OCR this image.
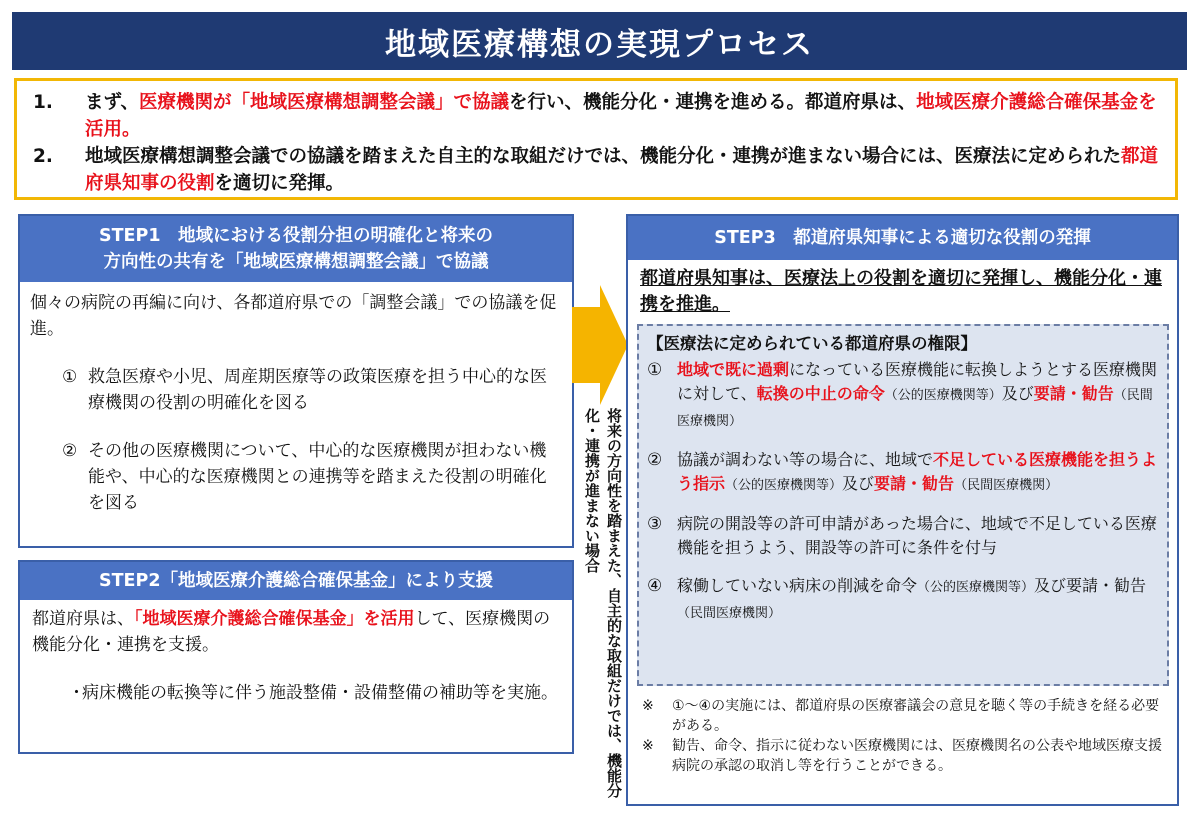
地域医療構想の実現プロセス
1.	まず、医療機関が「地域医療構想調整会議」で協議を行い、機能分化・連携を進める。都道府県は、地域医療介護総合確保基金を活用。
2.	地域医療構想調整会議での協議を踏まえた自主的な取組だけでは、機能分化・連携が進まない場合には、医療法に定められた都道府県知事の役割を適切に発揮。
STEP1　地域における役割分担の明確化と将来の
方向性の共有を「地域医療構想調整会議」で協議
個々の病院の再編に向け、各都道府県での「調整会議」での協議を促進。
① 救急医療や小児、周産期医療等の政策医療を担う中心的な医療機関の役割の明確化を図る
② その他の医療機関について、中心的な医療機関が担わない機能や、中心的な医療機関との連携等を踏まえた役割の明確化を図る
STEP2「地域医療介護総合確保基金」により支援
都道府県は、「地域医療介護総合確保基金」を活用して、医療機関の機能分化・連携を支援。
・
病床機能の転換等に伴う施設整備・設備整備の補助等を実施。	将来の方向性を踏まえた、自主的な取組だけでは、機能分化・連携が進まない場合
STEP3　都道府県知事による適切な役割の発揮
都道府県知事は、医療法上の役割を適切に発揮し、機能分化・連携を推進。
【医療法に定められている都道府県の権限】
① 地域で既に過剰になっている医療機能に転換しようとする医療機関に対して、転換の中止の命令（公的医療機関等）及び要請・勧告（民間医療機関）
② 協議が調わない等の場合に、地域で不足している医療機能を担うよう指示（公的医療機関等）及び要請・勧告（民間医療機関）
③ 病院の開設等の許可申請があった場合に、地域で不足している医療機能を担うよう、開設等の許可に条件を付与
④ 稼働していない病床の削減を命令（公的医療機関等）及び要請・勧告（民間医療機関）
※	①～④の実施には、都道府県の医療審議会の意見を聴く等の手続きを経る必要がある。
※	勧告、命令、指示に従わない医療機関には、医療機関名の公表や地域医療支援病院の承認の取消し等を行うことができる。
